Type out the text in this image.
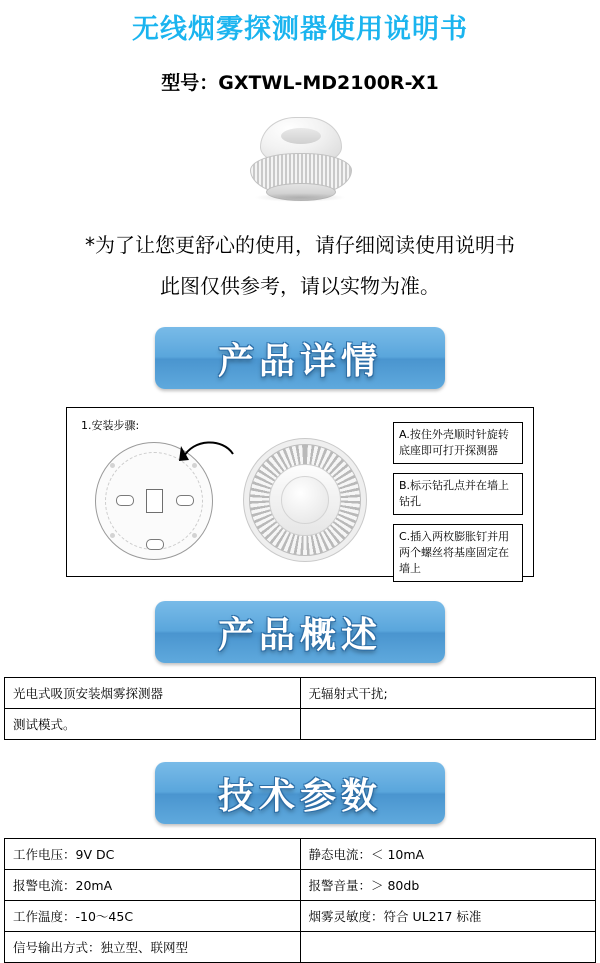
无线烟雾探测器使用说明书
型号：GXTWL-MD2100R-X1
*为了让您更舒心的使用，请仔细阅读使用说明书
此图仅供参考，请以实物为准。
产品详情
1.安装步骤:
A.按住外壳顺时针旋转底座即可打开探测器
B.标示钻孔点并在墙上钻孔
C.插入两枚膨胀钉并用两个螺丝将基座固定在墙上
产品概述
光电式吸顶安装烟雾探测器	无辐射式干扰;
测试模式。	
技术参数
工作电压：9V DC	静态电流：＜ 10mA
报警电流：20mA	报警音量：＞ 80db
工作温度：-10～45C	烟雾灵敏度：符合 UL217 标准
信号输出方式：独立型、联网型	
